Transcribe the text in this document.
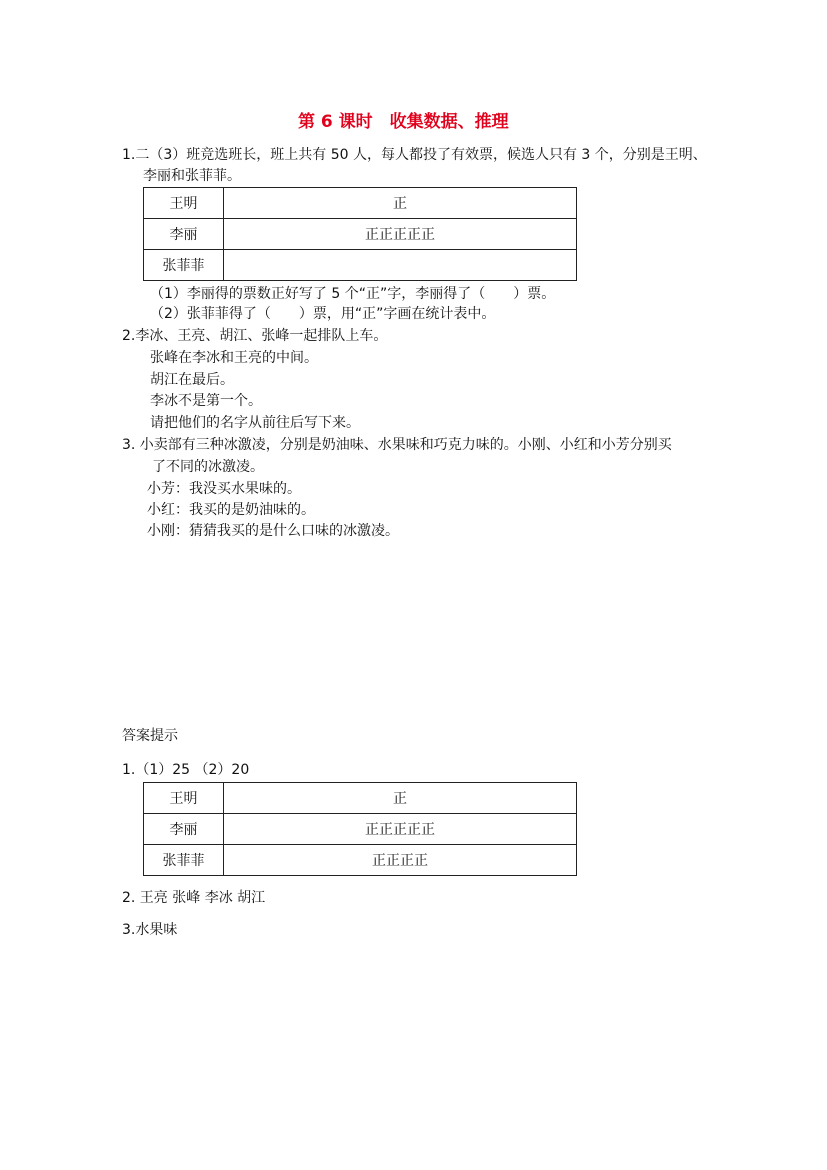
第 6 课时　收集数据、推理
1.二（3）班竞选班长，班上共有 50 人，每人都投了有效票，候选人只有 3 个，分别是王明、
李丽和张菲菲。
王明	正
李丽	正正正正正
张菲菲	
（1）李丽得的票数正好写了 5 个“正”字，李丽得了（　　）票。
（2）张菲菲得了（　　）票，用“正”字画在统计表中。
2.李冰、王亮、胡江、张峰一起排队上车。
张峰在李冰和王亮的中间。
胡江在最后。
李冰不是第一个。
请把他们的名字从前往后写下来。
3. 小卖部有三种冰激凌，分别是奶油味、水果味和巧克力味的。小刚、小红和小芳分别买
了不同的冰激凌。
小芳：我没买水果味的。
小红：我买的是奶油味的。
小刚：猜猜我买的是什么口味的冰激凌。
答案提示
1.（1）25 （2）20
王明	正
李丽	正正正正正
张菲菲	正正正正
2. 王亮 张峰 李冰 胡江
3.水果味
